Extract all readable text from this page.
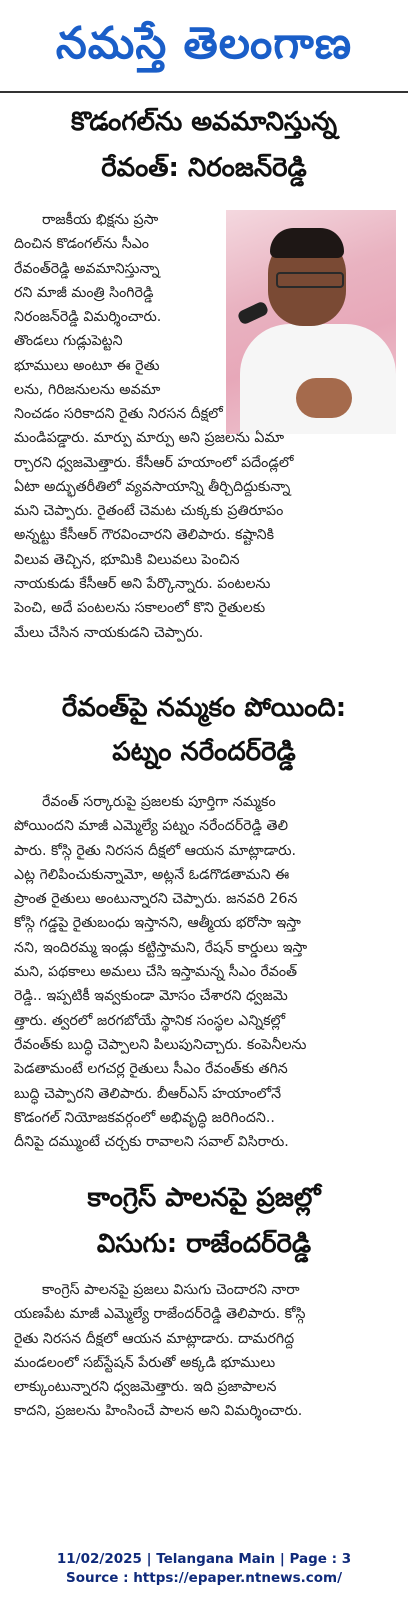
నమస్తే తెలంగాణ
కొడంగల్‌ను అవమానిస్తున్న
రేవంత్‌: నిరంజన్‌రెడ్డి
రాజకీయ భిక్షను ప్రసా
దించిన కొడంగల్‌ను సీఎం
రేవంత్‌రెడ్డి అవమానిస్తున్నా
రని మాజీ మంత్రి సింగిరెడ్డి
నిరంజన్‌రెడ్డి విమర్శించారు.
తొండలు గుడ్లుపెట్టని
భూములు అంటూ ఈ రైతు
లను, గిరిజనులను అవమా
నించడం సరికాదని రైతు నిరసన దీక్షలో
మండిపడ్డారు. మార్పు మార్పు అని ప్రజలను ఏమా
ర్చారని ధ్వజమెత్తారు. కేసీఆర్‌ హయాంలో పదేండ్లలో
ఏటా అద్భుతరీతిలో వ్యవసాయాన్ని తీర్చిదిద్దుకున్నా
మని చెప్పారు. రైతంటే చెమట చుక్కకు ప్రతిరూపం
అన్నట్టు కేసీఆర్‌ గౌరవించారని తెలిపారు. కష్టానికి
విలువ తెచ్చిన, భూమికి విలువలు పెంచిన
నాయకుడు కేసీఆర్‌ అని పేర్కొన్నారు. పంటలను
పెంచి, అదే పంటలను సకాలంలో కొని రైతులకు
మేలు చేసిన నాయకుడని చెప్పారు.
రేవంత్‌పై నమ్మకం పోయింది:
పట్నం నరేందర్‌రెడ్డి
రేవంత్‌ సర్కారుపై ప్రజలకు పూర్తిగా నమ్మకం
పోయిందని మాజీ ఎమ్మెల్యే పట్నం నరేందర్‌రెడ్డి తెలి
పారు. కోస్గి రైతు నిరసన దీక్షలో ఆయన మాట్లాడారు.
ఎట్ల గెలిపించుకున్నామో, అట్లనే ఓడగొడతామని ఈ
ప్రాంత రైతులు అంటున్నారని చెప్పారు. జనవరి 26న
కోస్గి గడ్డపై రైతుబంధు ఇస్తానని, ఆత్మీయ భరోసా ఇస్తా
నని, ఇందిరమ్మ ఇండ్లు కట్టిస్తామని, రేషన్‌ కార్డులు ఇస్తా
మని, పథకాలు అమలు చేసి ఇస్తామన్న సీఎం రేవంత్‌
రెడ్డి.. ఇప్పటికీ ఇవ్వకుండా మోసం చేశారని ధ్వజమె
త్తారు. త్వరలో జరగబోయే స్థానిక సంస్థల ఎన్నికల్లో
రేవంత్‌కు బుద్ధి చెప్పాలని పిలుపునిచ్చారు. కంపెనీలను
పెడతామంటే లగచర్ల రైతులు సీఎం రేవంత్‌కు తగిన
బుద్ధి చెప్పారని తెలిపారు. బీఆర్‌ఎస్‌ హయాంలోనే
కొడంగల్‌ నియోజకవర్గంలో అభివృద్ధి జరిగిందని..
దీనిపై దమ్ముంటే చర్చకు రావాలని సవాల్‌ విసిరారు.
కాంగ్రెస్‌ పాలనపై ప్రజల్లో
విసుగు: రాజేందర్‌రెడ్డి
కాంగ్రెస్‌ పాలనపై ప్రజలు విసుగు చెందారని నారా
యణపేట మాజీ ఎమ్మెల్యే రాజేందర్‌రెడ్డి తెలిపారు. కోస్గి
రైతు నిరసన దీక్షలో ఆయన మాట్లాడారు. దామరగిద్ద
మండలంలో సబ్‌స్టేషన్‌ పేరుతో అక్కడి భూములు
లాక్కుంటున్నారని ధ్వజమెత్తారు. ఇది ప్రజాపాలన
కాదని, ప్రజలను హింసించే పాలన అని విమర్శించారు.
11/02/2025 | Telangana Main | Page : 3
Source : https://epaper.ntnews.com/
